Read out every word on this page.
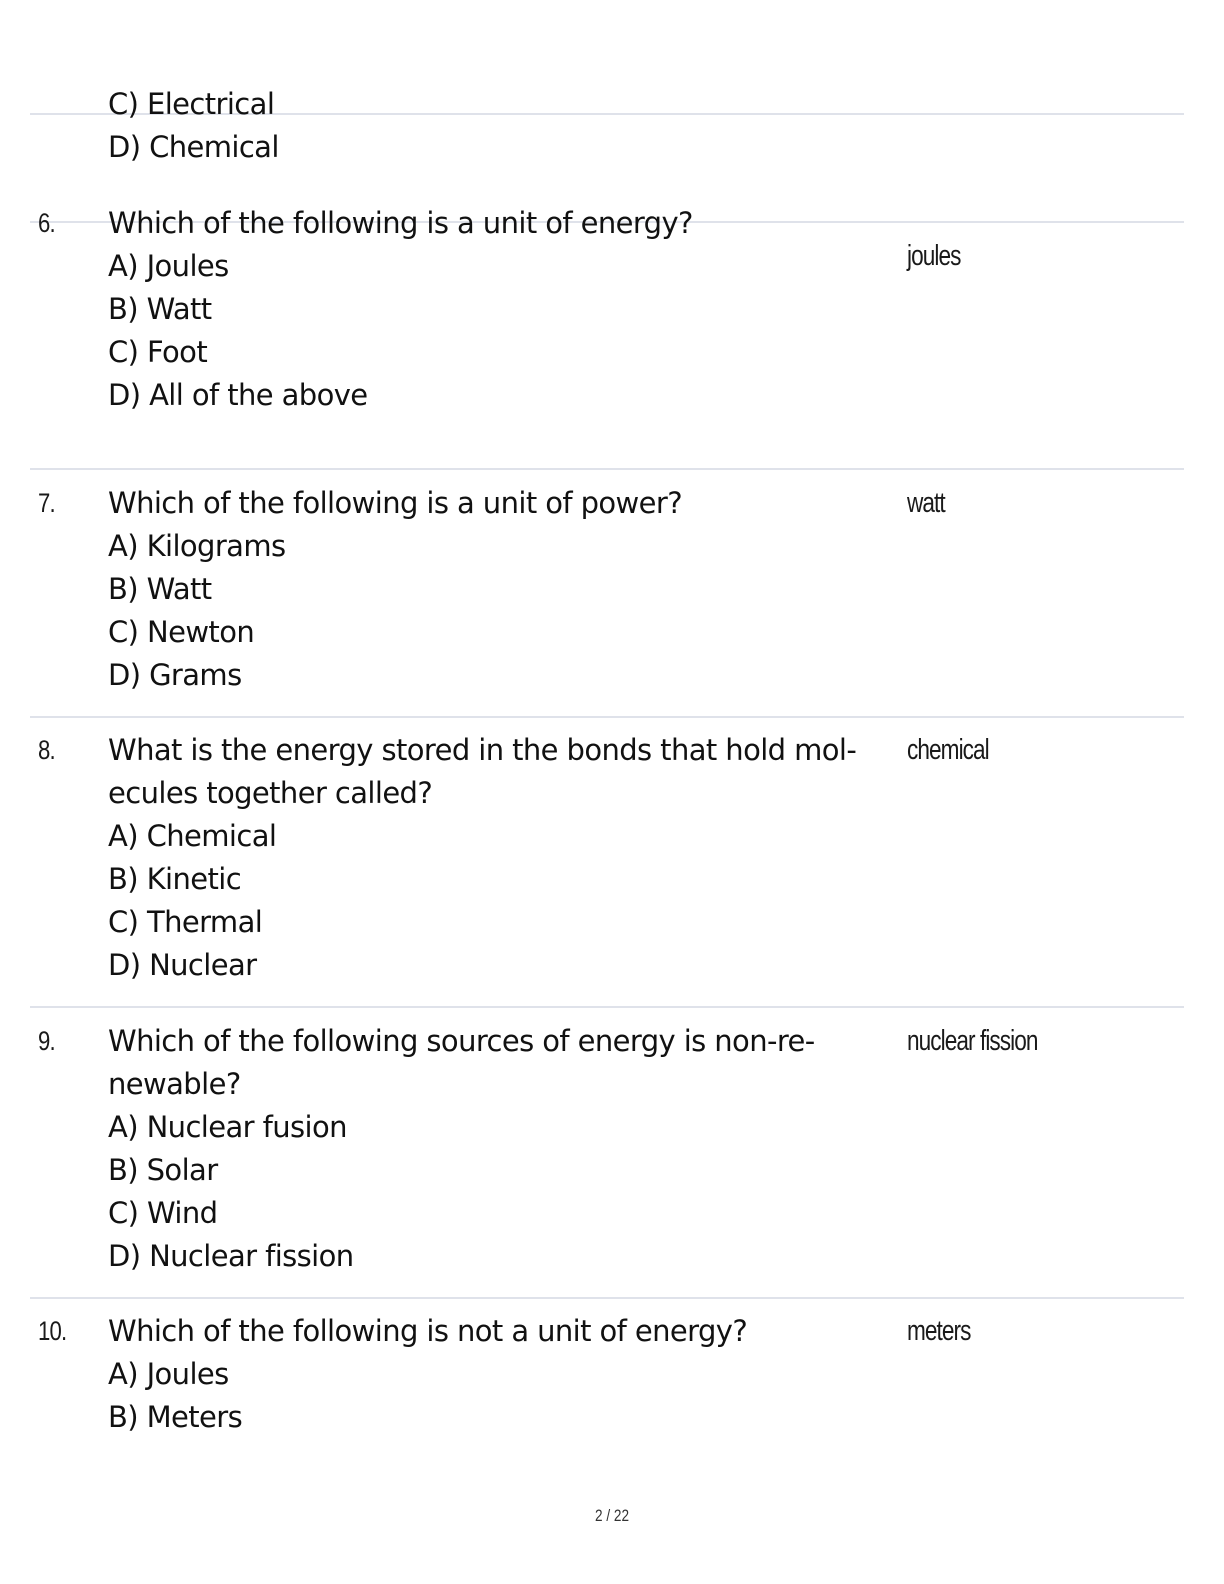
C) Electrical
D) Chemical
6. Which of the following is a unit of energy?
A) Joules
B) Watt
C) Foot
D) All of the above
joules
7. Which of the following is a unit of power?
A) Kilograms
B) Watt
C) Newton
D) Grams
watt
8. What is the energy stored in the bonds that hold mol-
ecules together called?
A) Chemical
B) Kinetic
C) Thermal
D) Nuclear
chemical
9. Which of the following sources of energy is non-re-
newable?
A) Nuclear fusion
B) Solar
C) Wind
D) Nuclear fission
nuclear fission
10. Which of the following is not a unit of energy?
A) Joules
B) Meters
meters
2 / 22
